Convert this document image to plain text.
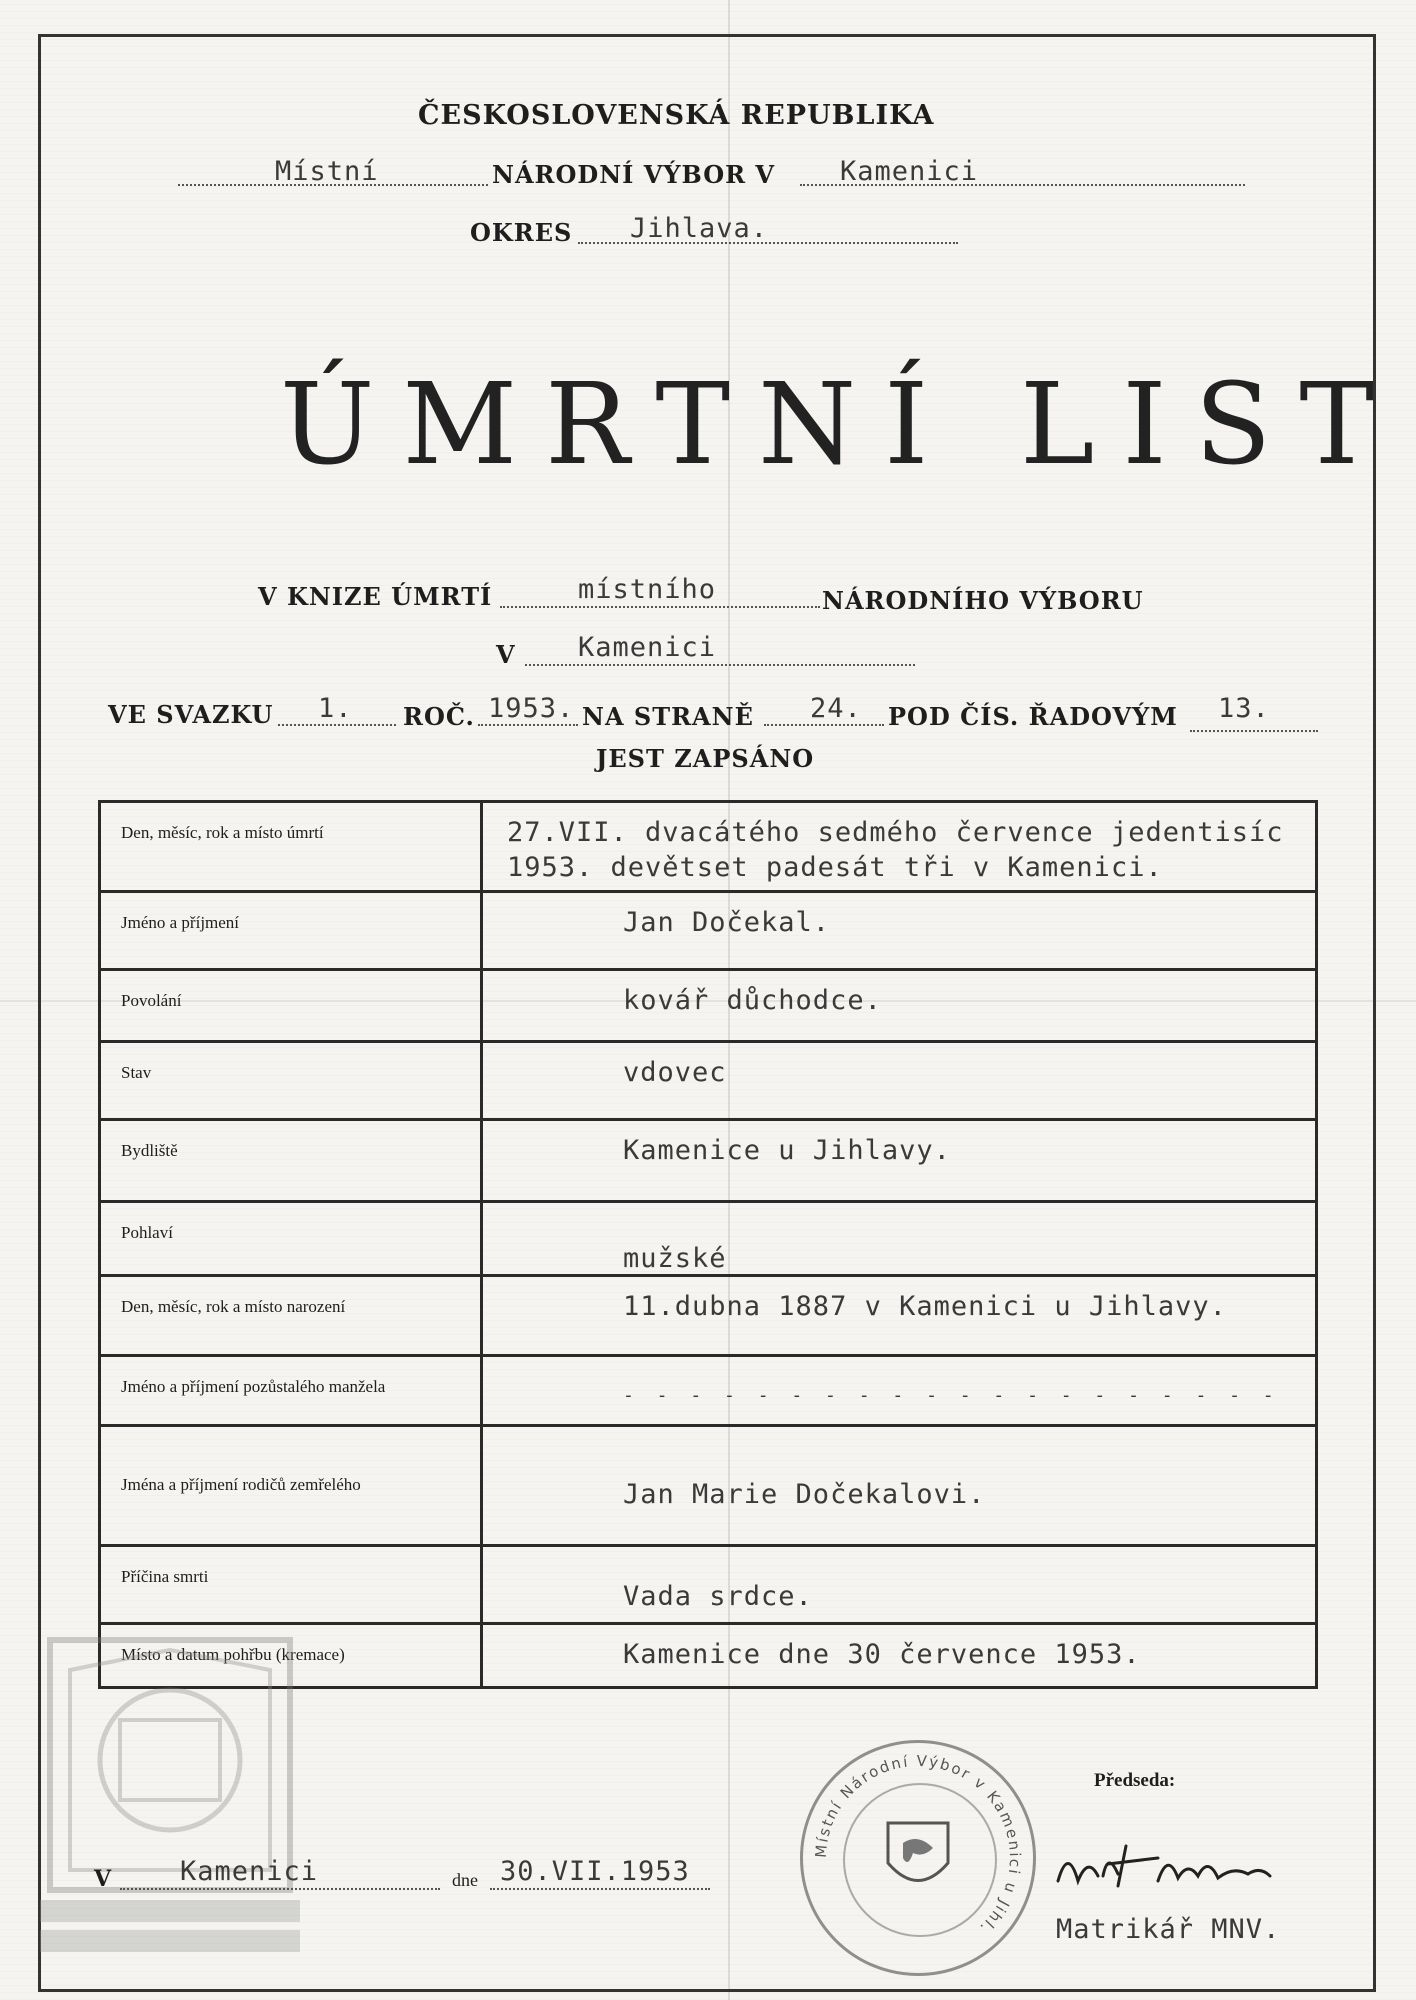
ČESKOSLOVENSKÁ REPUBLIKA
Místní	NÁRODNÍ VÝBOR V Kamenici
OKRES Jihlava.
ÚMRTNÍ LIST
V KNIZE ÚMRTÍ	místního	NÁRODNÍHO VÝBORU
V Kamenici
VE SVAZKU 1. ROČ. 1953. NA STRANĚ 24. POD ČÍS. ŘADOVÝM 13.
JEST ZAPSÁNO
Den, měsíc, rok a místo úmrtí	27.VII. dvacátého sedmého července jedentisíc
1953. devětset padesát tři v Kamenici.

Jméno a příjmení	Jan Dočekal.

Povolání	kovář důchodce.

Stav	vdovec

Bydliště	Kamenice u Jihlavy.

Pohlaví	mužské

Den, měsíc, rok a místo narození	11.dubna 1887 v Kamenici u Jihlavy.

Jméno a příjmení pozůstalého manžela	- - - - - - - - - - - - - - - - - - - -

Jména a příjmení rodičů zemřelého	Jan Marie Dočekalovi.

Příčina smrti	Vada srdce.

Místo a datum pohřbu (kremace)	Kamenice dne 30 července 1953.
Předseda:
V	Kamenici	dne 30.VII.1953
Místní Národní Výbor v Kamenici u Jihl.	Matrikář MNV.
